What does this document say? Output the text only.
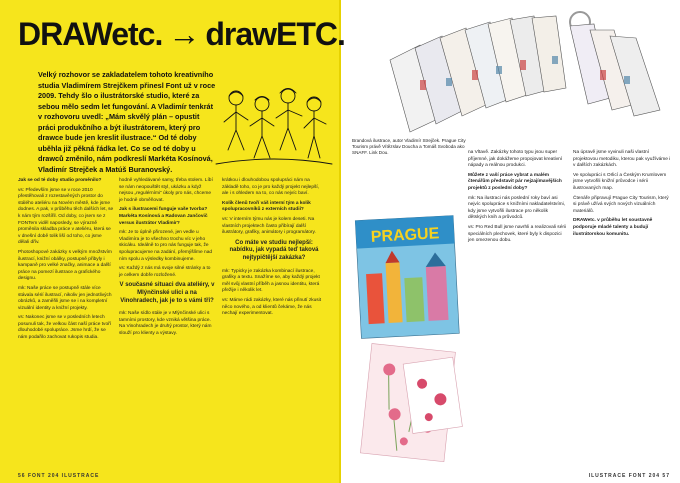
DRAWetc. → drawETC.
Velký rozhovor se zakladatelem tohoto kreativního studia Vladimírem Strejčkem přinesl Font už v roce 2009. Tehdy šlo o ilustrátorské studio, které za sebou mělo sedm let fungování. A Vladimír tenkrát v rozhovoru uvedl: „Mám skvělý plán – opustit práci produkčního a být ilustrátorem, který pro drawce bude jen kreslit ilustrace.“ Od té doby uběhla již pěkná řádka let. Co se od té doby u drawců změnilo, nám podkreslí Markéta Kosínová, Vladimír Strejček a Matúš Buranovský.

Jak se od té doby studio proměnilo?

vs: Především jsme se v roce 2010 přestěhovali z rozestavěných prostor do stálého ateliéru na Novém městě, kde jsme dodnes. A pak, v průběhu těch dalších let, se k nám tým rozšířil. Od doby, co jsem se z FONTem viděl naposledy, se výrazně proměnila skladba práce v ateliéru, která se v dnešní době tolik liší od toho, co jsme dělali dřív.

Photoshopové zakázky s velkým množstvím ilustrací, knižní obálky, postupně přibyly i kampaně pro velké značky, animace a další práce na pomezí ilustrace a grafického designu.

mk: Naše práce se postupně stále více stávala sérií ilustrací, nikoliv jen jednotlivých obrázků, a zaměřili jsme se i na kompletní vizuální identity a knižní projekty.

vs: Nakonec jsme se v posledních letech posunuli tak, že velkou část naší práce tvoří dlouhodobé spolupráce. Jsme hrdí, že se nám podařilo zachovat rukopis studia.

hodně vyhledávané samy, třeba stolem. Líbí se nám neopouštět styl, ukázku a když nejsou „regulérními“ úkoly pro nás, chceme je hodně obměňovat.

Jak s ilustracemi funguje vaše tvorba? Markéta Kosínová a Radovan Jančovič versus ilustrátor Vladimír?

mk: Je to úplně přirozené, jen vedle u Vladimíra je to všechno trochu víc v jeho skicáku. Ideálně to pro nás funguje tak, že spolupracujeme na zadání, přemýšlíme nad ním spolu a výsledky kombinujeme.

vs: Každý z nás má svoje silné stránky a to je celkem dobře rozložené.

V současné situaci dva ateliéry, v Mlýnčinské ulici a na Vinohradech, jak je to s vámi tři?

mk: Naše sídlo stále je v Mlýnčinské ulici s tamními prostory, kde vzniká většina práce. Na Vinohradech je druhý prostor, který nám slouží pro klienty a výstavy.

krátkou i dlouhodobou spolupráci nám na základě toho, co je pro každý projekt nejlepší, ale i s ohledem na to, co nás nejvíc baví.

Kolik členů tvoří váš interní tým a kolik spolupracovníků z externích studií?

vs: V interním týmu nás je kolem deseti. Na vlastních projektech často přibírají další ilustrátory, grafiky, animátory i programátory.

Co máte ve studiu nejlepší: nabídku, jak vypadá teď taková nejtypičtější zakázka?

mk: Typicky je zakázka kombinací ilustrace, grafiky a textu. Snažíme se, aby každý projekt měl svůj vlastní příběh a jasnou identitu, která přežije i několik let.

vs: Máme rádi zakázky, které nás přinutí zkusit něco nového, a od klientů čekáme, že nás nechají experimentovat.

56 FONT 204 ILUSTRACE	ILUSTRACE FONT 204 57
Brandová ilustrace, autor Vladimír Strejček. Prague City Tourism právě Vítězslav Doucha a Tomáš Svoboda ako SNAFF. Link Dou.	na Vltavě. Zakázky tohoto typu jsou super příjemné, jak dokážeme propojovat kreativní nápady a reálnou produkci.

Můžete z vaší práce vybrat a malém čtenářům představit pár nejzajímavějších projektů z poslední doby?

mk: Na ilustraci nás poslední roky baví asi nejvíc spolupráce s knižními nakladatelstvími, kdy jsme vytvořili ilustrace pro několik dětských knih a průvodců.

vs: Pro Red Bull jsme navrhli a realizovali sérii speciálních plechovek, které byly k dispozici jen omezenou dobu.

Na úpravě jsme vyvinuli naši vlastní projektovou metodiku, kterou pak využíváme i v dalších zakázkách.

Ve spolupráci s Orlicí a Českým Krumlovem jsme vytvořili knižní průvodce i sérii ilustrovaných map.

Čtenáře připravují Prague City Tourism, který si právě užívá svých nových vizuálních materiálů.

DRAWetc. v průběhu let soustavně podporuje mladé talenty a budují ilustrátorskou komunitu.

PRAGUE
